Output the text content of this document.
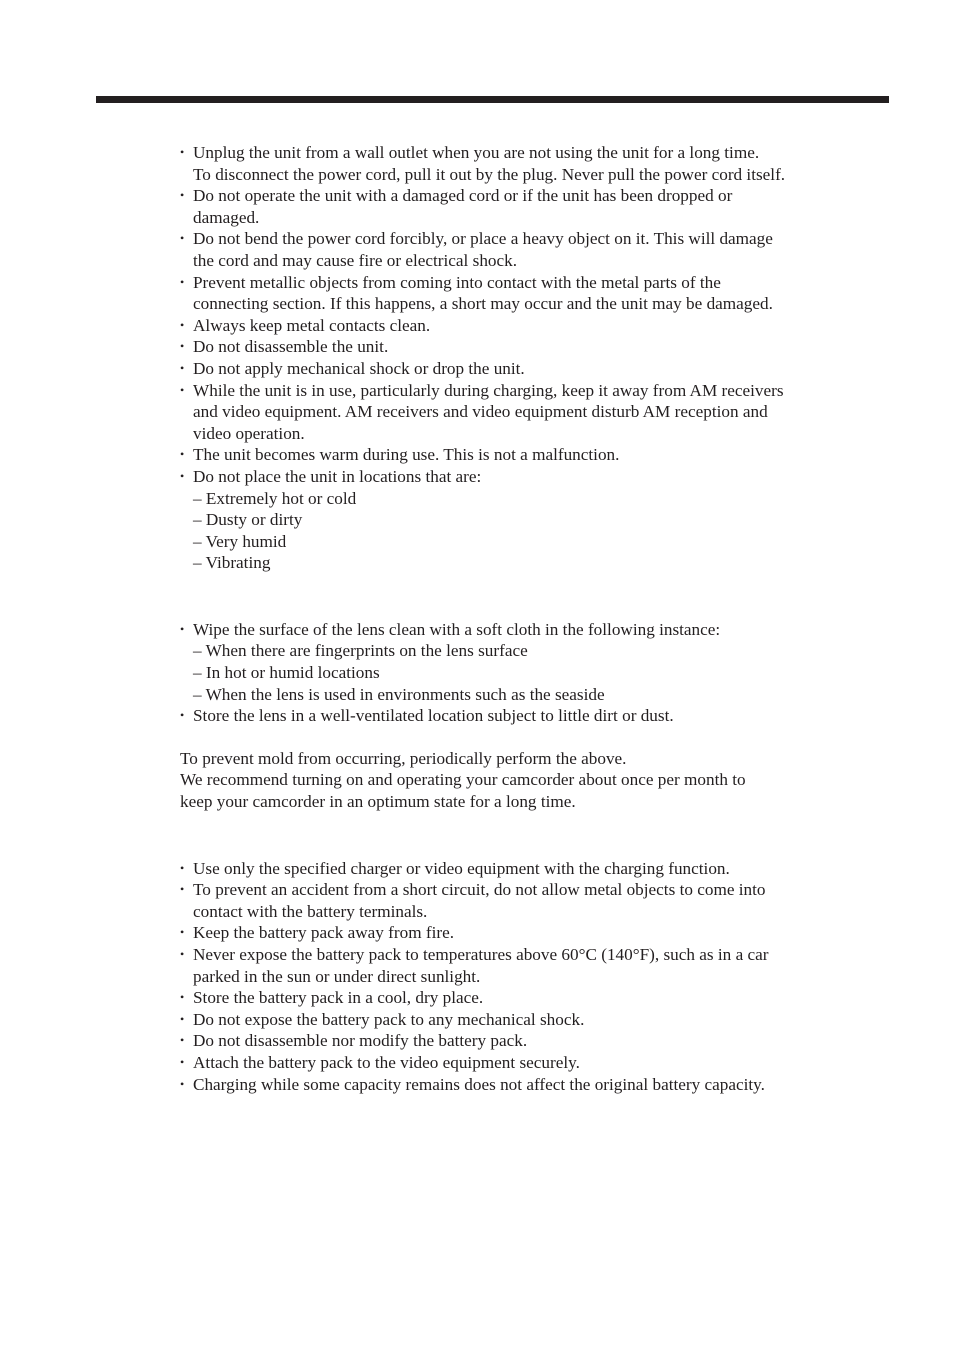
• Unplug the unit from a wall outlet when you are not using the unit for a long time.
To disconnect the power cord, pull it out by the plug. Never pull the power cord itself.
• Do not operate the unit with a damaged cord or if the unit has been dropped or
damaged.
• Do not bend the power cord forcibly, or place a heavy object on it. This will damage
the cord and may cause fire or electrical shock.
• Prevent metallic objects from coming into contact with the metal parts of the
connecting section. If this happens, a short may occur and the unit may be damaged.
• Always keep metal contacts clean.
• Do not disassemble the unit.
• Do not apply mechanical shock or drop the unit.
• While the unit is in use, particularly during charging, keep it away from AM receivers
and video equipment. AM receivers and video equipment disturb AM reception and
video operation.
• The unit becomes warm during use. This is not a malfunction.
• Do not place the unit in locations that are:
– Extremely hot or cold
– Dusty or dirty
– Very humid
– Vibrating
• Wipe the surface of the lens clean with a soft cloth in the following instance:
– When there are fingerprints on the lens surface
– In hot or humid locations
– When the lens is used in environments such as the seaside
• Store the lens in a well-ventilated location subject to little dirt or dust.
To prevent mold from occurring, periodically perform the above.
We recommend turning on and operating your camcorder about once per month to
keep your camcorder in an optimum state for a long time.
• Use only the specified charger or video equipment with the charging function.
• To prevent an accident from a short circuit, do not allow metal objects to come into
contact with the battery terminals.
• Keep the battery pack away from fire.
• Never expose the battery pack to temperatures above 60°C (140°F), such as in a car
parked in the sun or under direct sunlight.
• Store the battery pack in a cool, dry place.
• Do not expose the battery pack to any mechanical shock.
• Do not disassemble nor modify the battery pack.
• Attach the battery pack to the video equipment securely.
• Charging while some capacity remains does not affect the original battery capacity.
